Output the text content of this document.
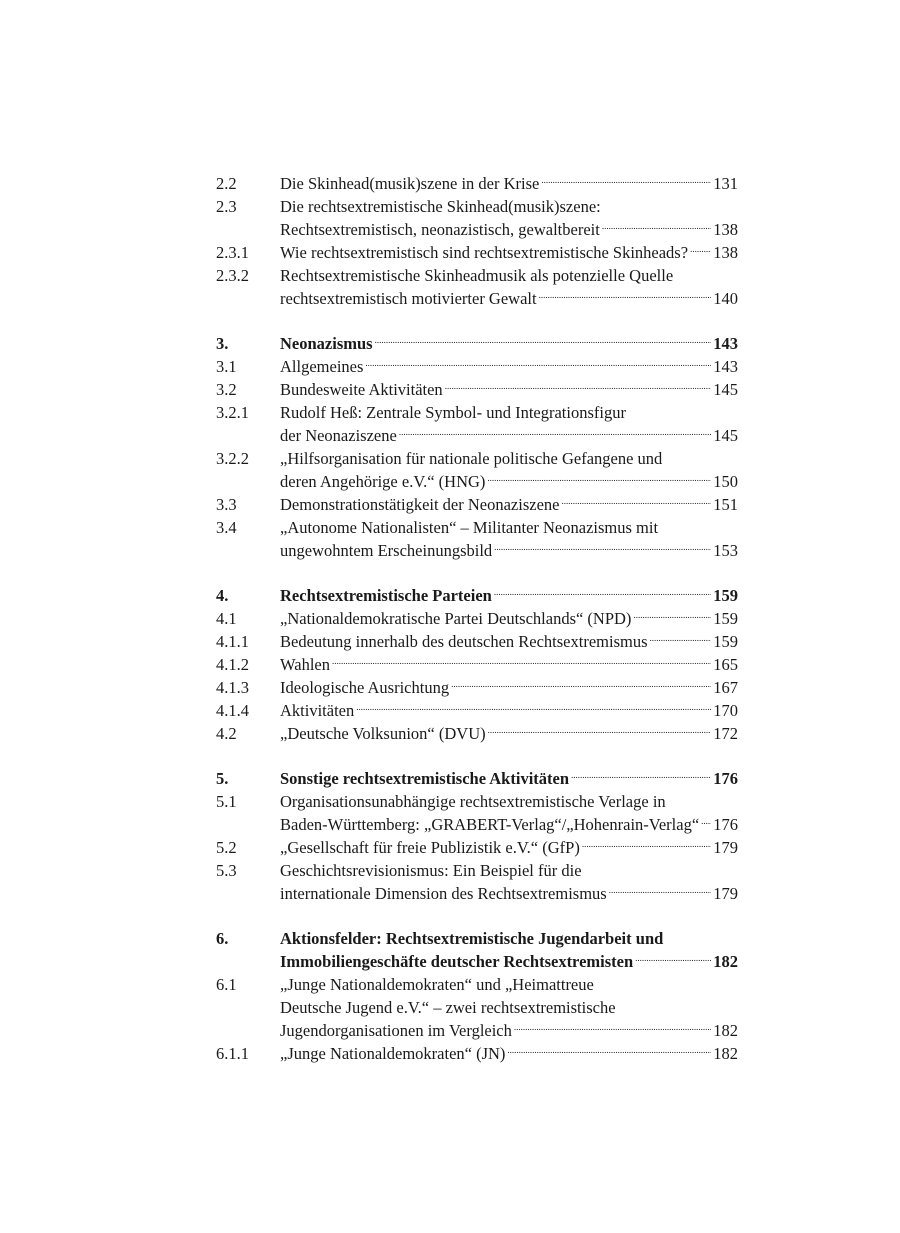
2.2	Die Skinhead(musik)szene in der Krise .....	131
2.3	Die rechtsextremistische Skinhead(musik)szene:
Rechtsextremistisch, neonazistisch, gewaltbereit .....	138
2.3.1	Wie rechtsextremistisch sind rechtsextremistische Skinheads? ..... 138
2.3.2	Rechtsextremistische Skinheadmusik als potenzielle Quelle
rechtsextremistisch motivierter Gewalt .....	140
3.	Neonazismus .....	143
3.1	Allgemeines .....	143
3.2	Bundesweite Aktivitäten .....	145
3.2.1	Rudolf Heß: Zentrale Symbol- und Integrationsfigur
der Neonaziszene .....	145
3.2.2	„Hilfsorganisation für nationale politische Gefangene und
deren Angehörige e.V.“ (HNG) .....	150
3.3	Demonstrationstätigkeit der Neonaziszene .....	151
3.4	„Autonome Nationalisten“ – Militanter Neonazismus mit
ungewohntem Erscheinungsbild .....	153
4.	Rechtsextremistische Parteien .....	159
4.1	„Nationaldemokratische Partei Deutschlands“ (NPD) .....	159
4.1.1	Bedeutung innerhalb des deutschen Rechtsextremismus .....	159
4.1.2	Wahlen .....	165
4.1.3	Ideologische Ausrichtung .....	167
4.1.4	Aktivitäten .....	170
4.2	„Deutsche Volksunion“ (DVU) .....	172
5.	Sonstige rechtsextremistische Aktivitäten .....	176
5.1	Organisationsunabhängige rechtsextremistische Verlage in
Baden-Württemberg: „GRABERT-Verlag“/„Hohenrain-Verlag“ ..... 176
5.2	„Gesellschaft für freie Publizistik e.V.“ (GfP) .....	179
5.3	Geschichtsrevisionismus: Ein Beispiel für die
internationale Dimension des Rechtsextremismus .....	179
6.	Aktionsfelder: Rechtsextremistische Jugendarbeit und
Immobiliengeschäfte deutscher Rechtsextremisten .....	182
6.1	„Junge Nationaldemokraten“ und „Heimattreue
Deutsche Jugend e.V.“ – zwei rechtsextremistische
Jugendorganisationen im Vergleich .....	182
6.1.1	„Junge Nationaldemokraten“ (JN) .....	182
